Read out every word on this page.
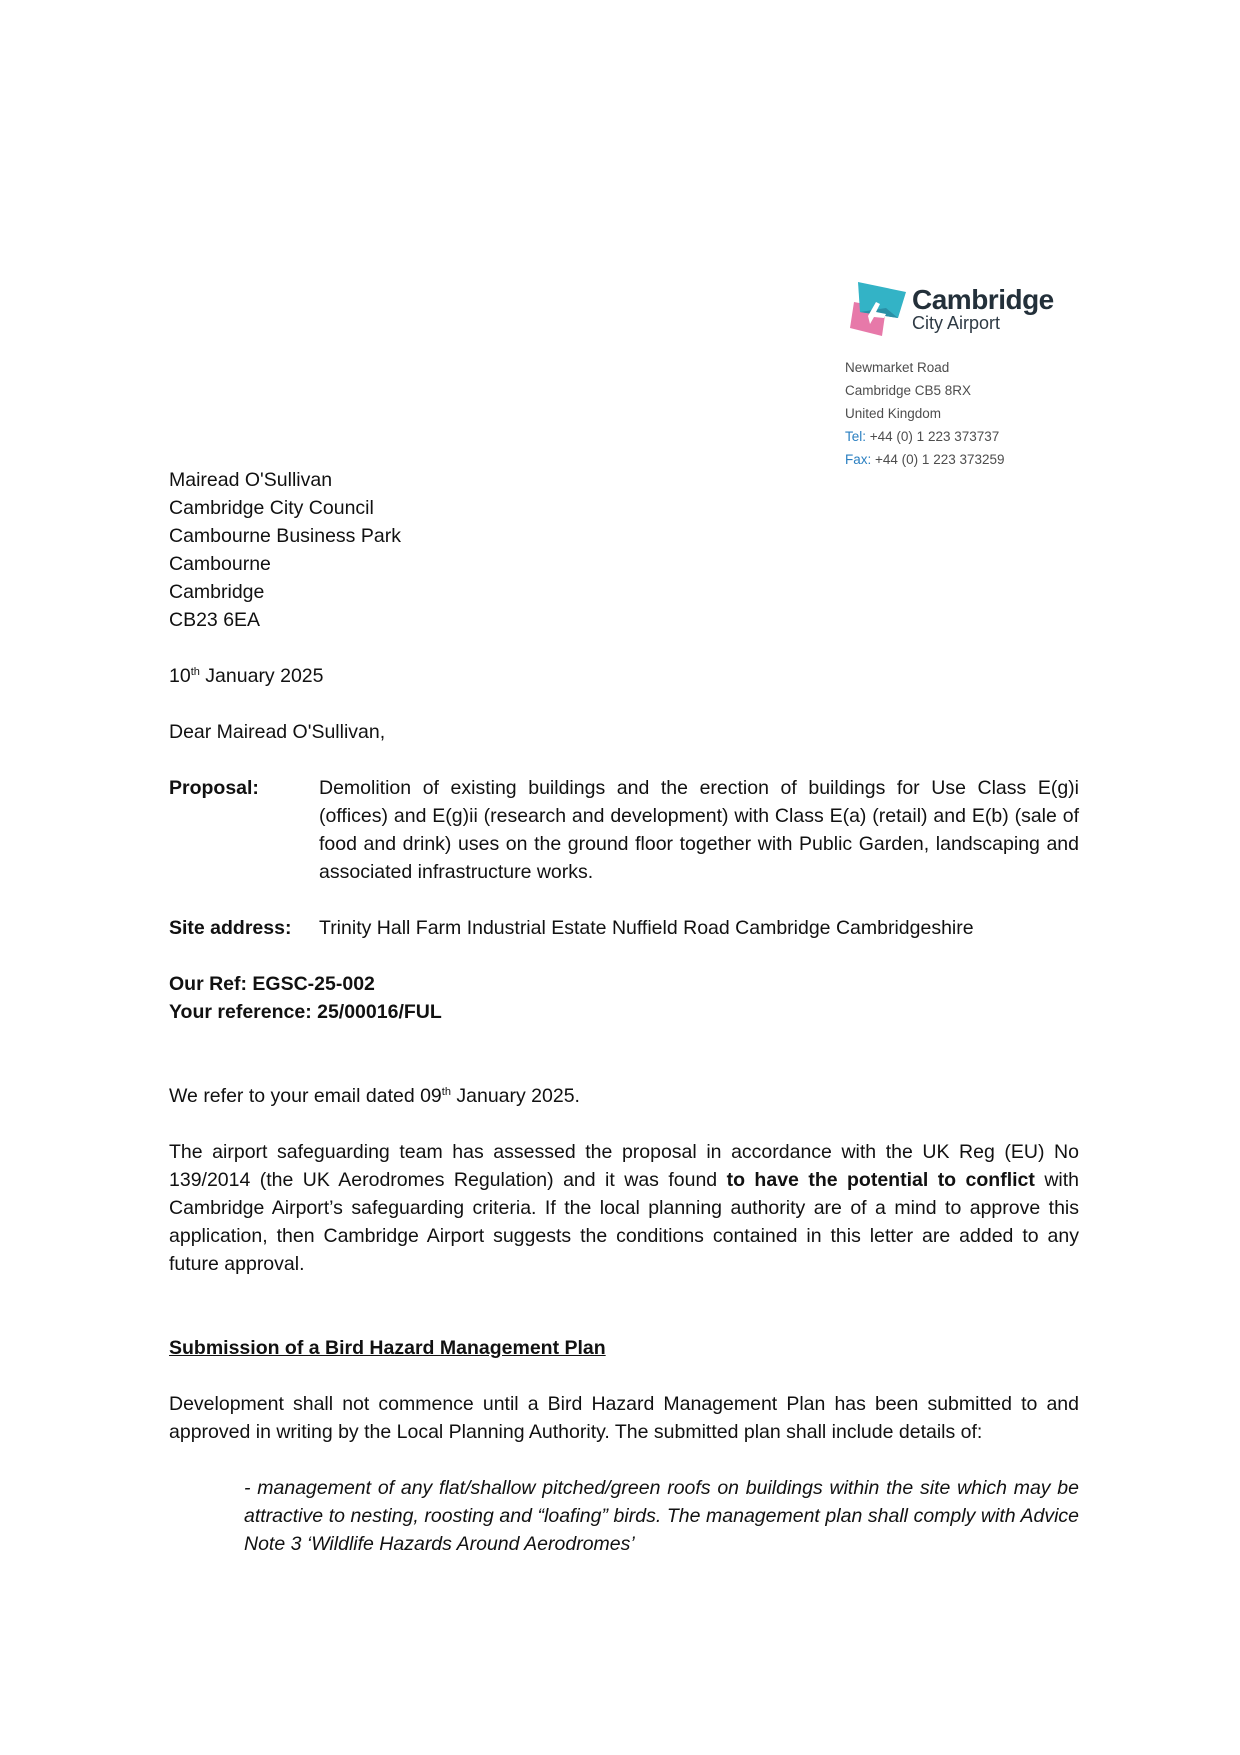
Cambridge
City Airport
Newmarket Road
Cambridge CB5 8RX
United Kingdom
Tel: +44 (0) 1 223 373737
Fax: +44 (0) 1 223 373259
Mairead O'Sullivan
Cambridge City Council
Cambourne Business Park
Cambourne
Cambridge
CB23 6EA
10th January 2025
Dear Mairead O'Sullivan,
Proposal:	Demolition of existing buildings and the erection of buildings for Use Class E(g)i (offices) and E(g)ii (research and development) with Class E(a) (retail) and E(b) (sale of food and drink) uses on the ground floor together with Public Garden, landscaping and associated infrastructure works.
Site address: Trinity Hall Farm Industrial Estate Nuffield Road Cambridge Cambridgeshire
Our Ref: EGSC-25-002
Your reference: 25/00016/FUL
We refer to your email dated 09th January 2025.
The airport safeguarding team has assessed the proposal in accordance with the UK Reg (EU) No 139/2014 (the UK Aerodromes Regulation) and it was found to have the potential to conflict with Cambridge Airport’s safeguarding criteria. If the local planning authority are of a mind to approve this application, then Cambridge Airport suggests the conditions contained in this letter are added to any future approval.
Submission of a Bird Hazard Management Plan
Development shall not commence until a Bird Hazard Management Plan has been submitted to and approved in writing by the Local Planning Authority. The submitted plan shall include details of:
- management of any flat/shallow pitched/green roofs on buildings within the site which may be attractive to nesting, roosting and “loafing” birds. The management plan shall comply with Advice Note 3 ‘Wildlife Hazards Around Aerodromes’
